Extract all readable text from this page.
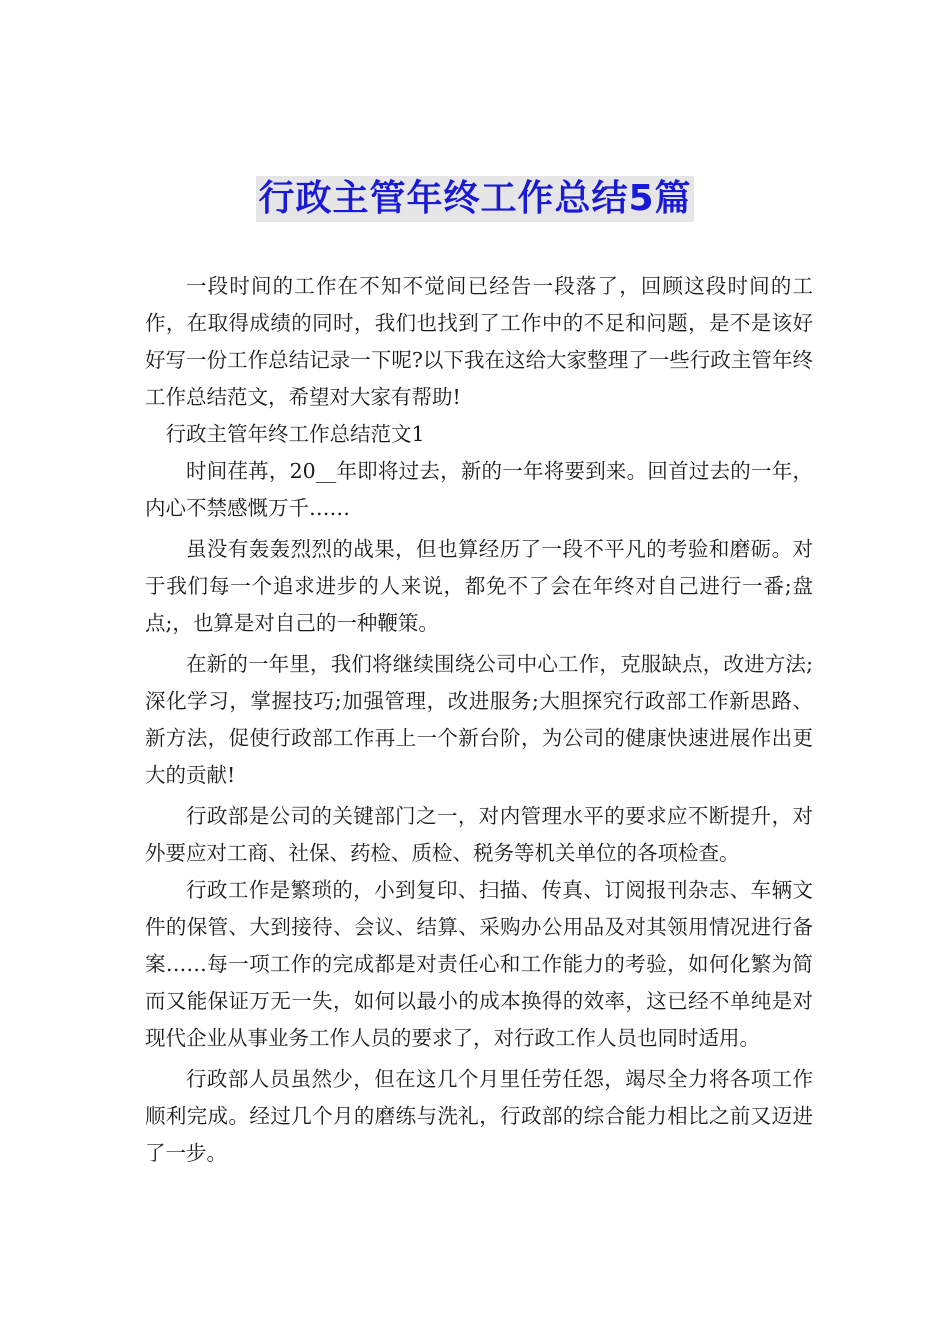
行政主管年终工作总结5篇

一段时间的工作在不知不觉间已经告一段落了，回顾这段时间的工作，在取得成绩的同时，我们也找到了工作中的不足和问题，是不是该好好写一份工作总结记录一下呢?以下我在这给大家整理了一些行政主管年终工作总结范文，希望对大家有帮助!

行政主管年终工作总结范文1

时间荏苒，20__年即将过去，新的一年将要到来。回首过去的一年，内心不禁感慨万千……

虽没有轰轰烈烈的战果，但也算经历了一段不平凡的考验和磨砺。对于我们每一个追求进步的人来说，都免不了会在年终对自己进行一番;盘点;，也算是对自己的一种鞭策。

在新的一年里，我们将继续围绕公司中心工作，克服缺点，改进方法;深化学习，掌握技巧;加强管理，改进服务;大胆探究行政部工作新思路、新方法，促使行政部工作再上一个新台阶，为公司的健康快速进展作出更大的贡献!

行政部是公司的关键部门之一，对内管理水平的要求应不断提升，对外要应对工商、社保、药检、质检、税务等机关单位的各项检查。

行政工作是繁琐的，小到复印、扫描、传真、订阅报刊杂志、车辆文件的保管、大到接待、会议、结算、采购办公用品及对其领用情况进行备案……每一项工作的完成都是对责任心和工作能力的考验，如何化繁为简而又能保证万无一失，如何以最小的成本换得的效率，这已经不单纯是对现代企业从事业务工作人员的要求了，对行政工作人员也同时适用。

行政部人员虽然少，但在这几个月里任劳任怨，竭尽全力将各项工作顺利完成。经过几个月的磨练与洗礼，行政部的综合能力相比之前又迈进了一步。
